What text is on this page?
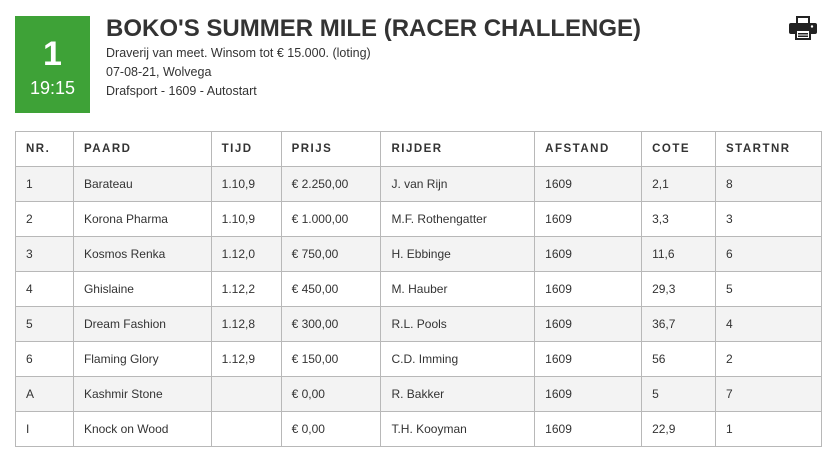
1
19:15
BOKO'S SUMMER MILE (RACER CHALLENGE)
Draverij van meet. Winsom tot € 15.000. (loting)
07-08-21, Wolvega
Drafsport - 1609 - Autostart
NR.	PAARD	TIJD	PRIJS	RIJDER	AFSTAND	COTE	STARTNR
1	Barateau	1.10,9	€ 2.250,00	J. van Rijn	1609	2,1	8
2	Korona Pharma	1.10,9	€ 1.000,00	M.F. Rothengatter	1609	3,3	3
3	Kosmos Renka	1.12,0	€ 750,00	H. Ebbinge	1609	11,6	6
4	Ghislaine	1.12,2	€ 450,00	M. Hauber	1609	29,3	5
5	Dream Fashion	1.12,8	€ 300,00	R.L. Pools	1609	36,7	4
6	Flaming Glory	1.12,9	€ 150,00	C.D. Imming	1609	56	2
A	Kashmir Stone		€ 0,00	R. Bakker	1609	5	7
I	Knock on Wood		€ 0,00	T.H. Kooyman	1609	22,9	1
